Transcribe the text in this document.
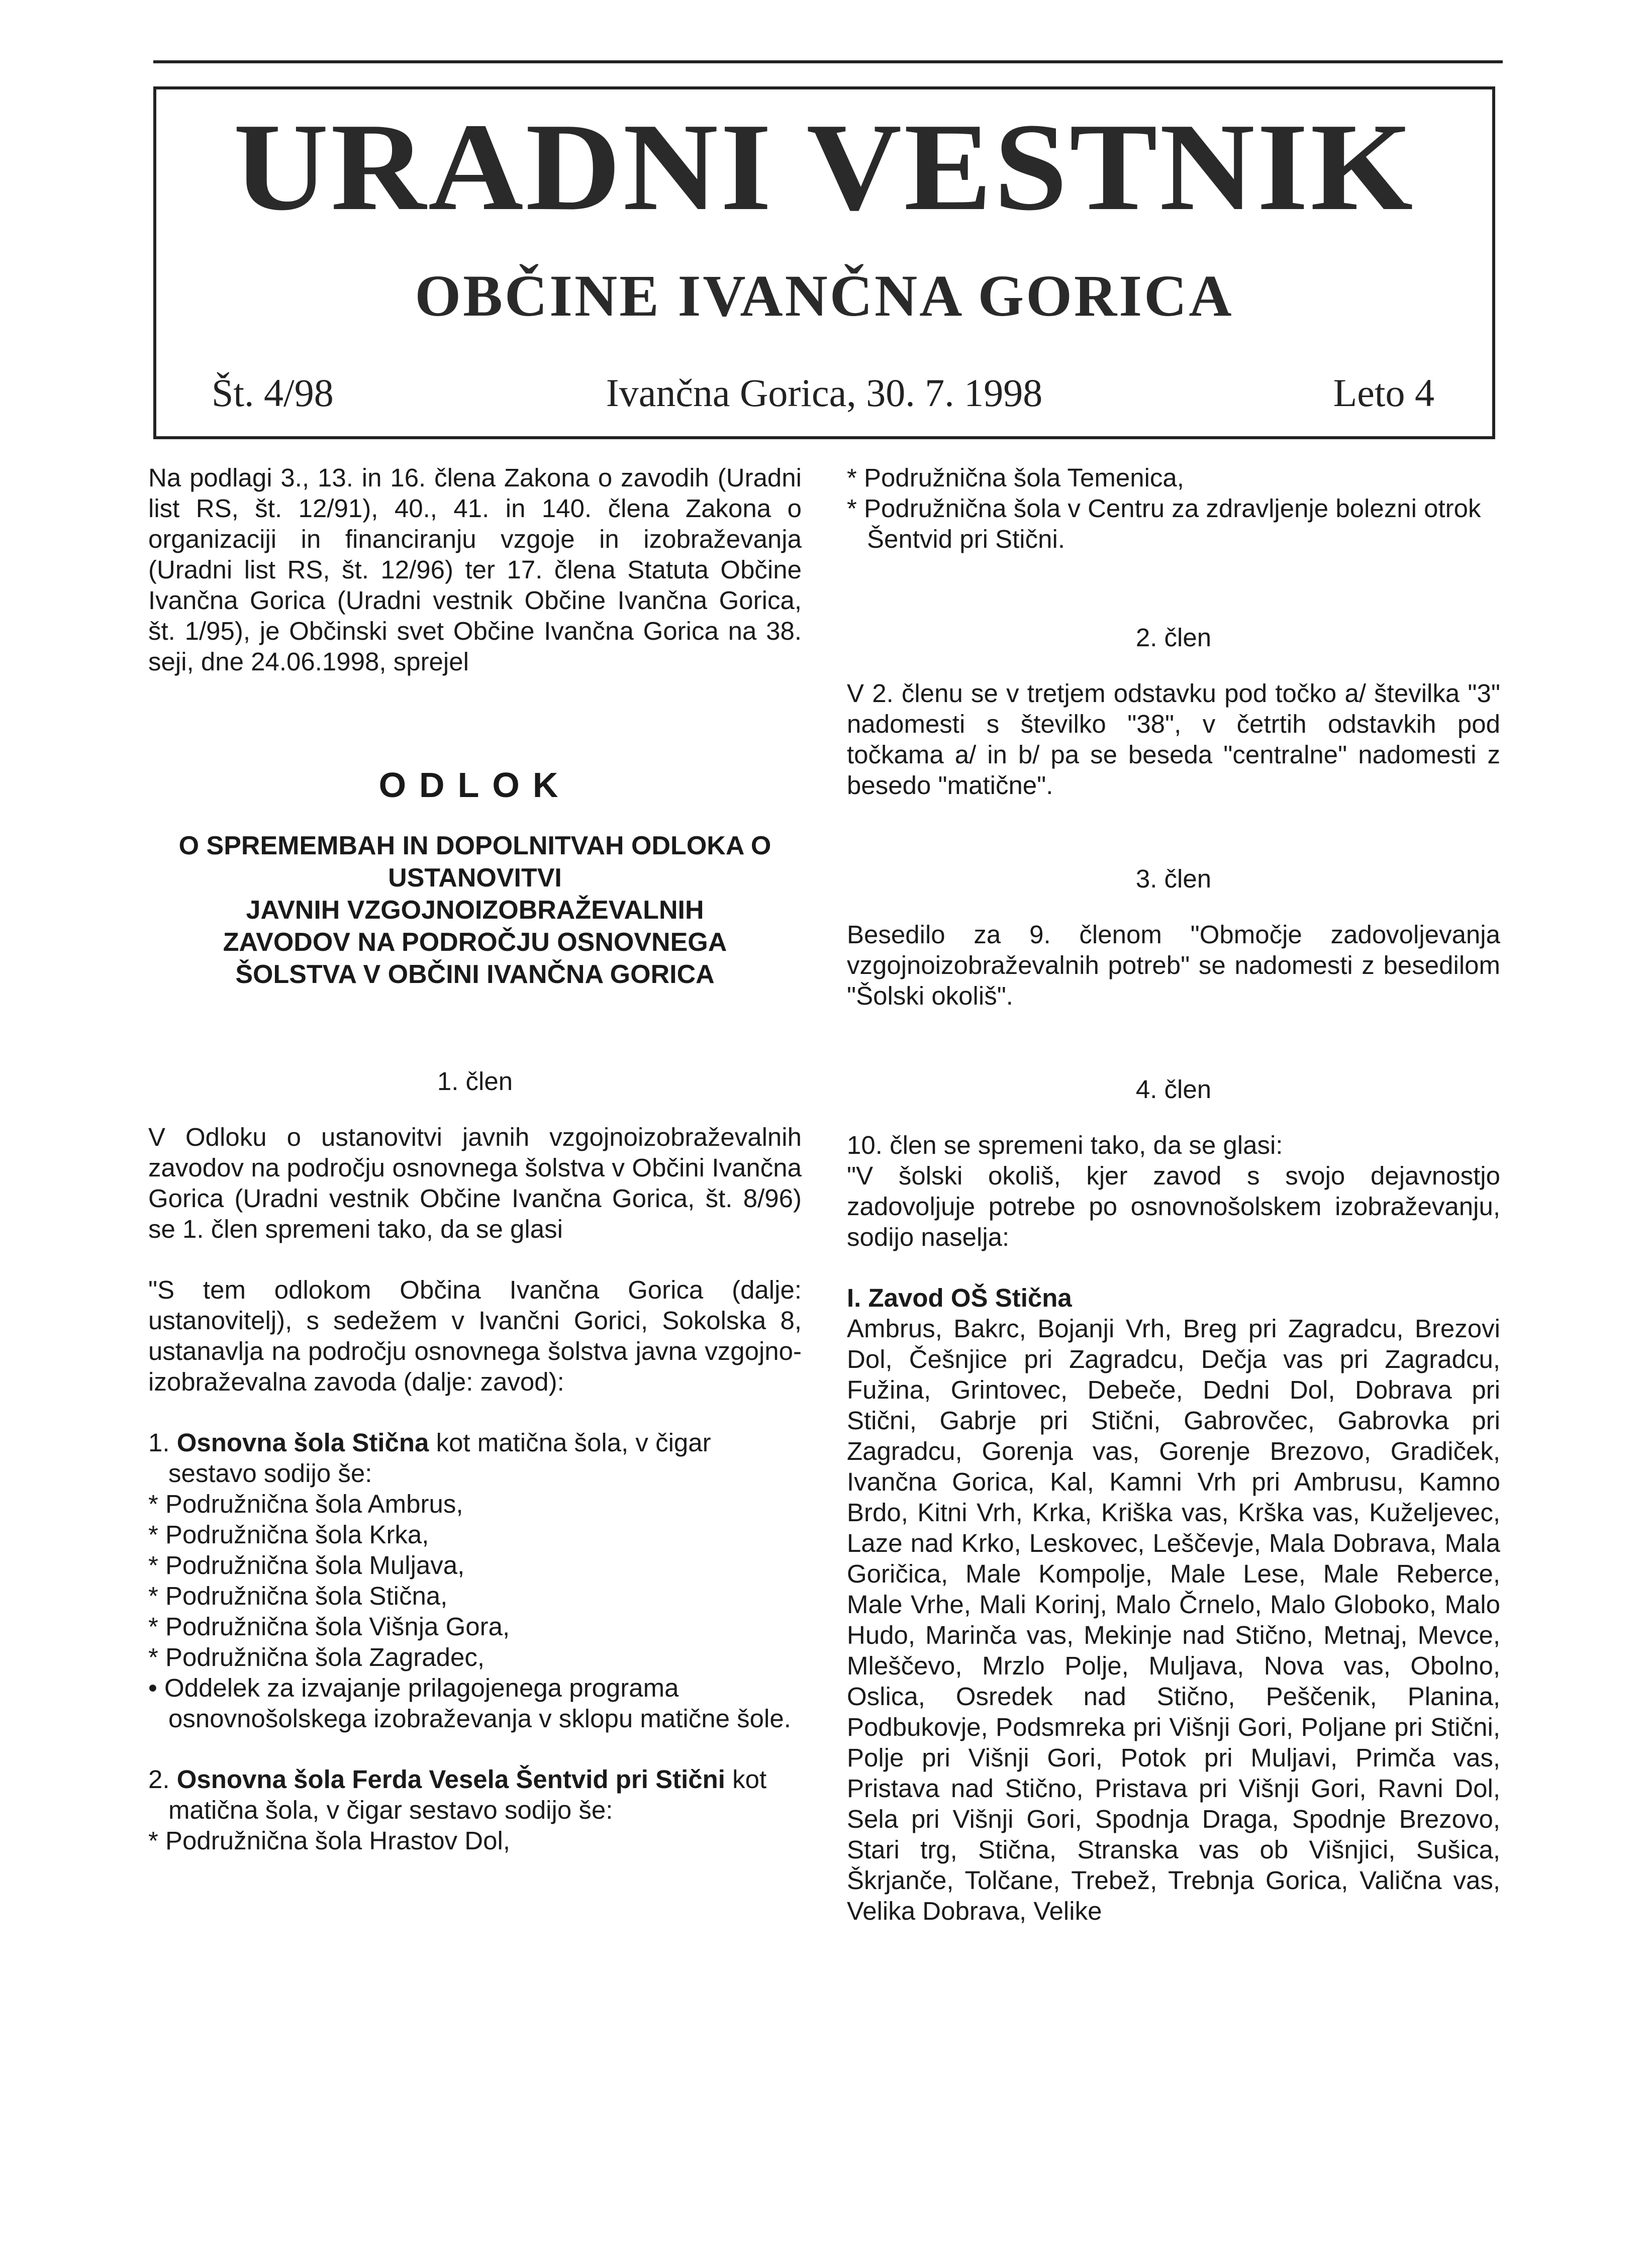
URADNI VESTNIK
OBČINE IVANČNA GORICA
Št. 4/98	Ivančna Gorica, 30. 7. 1998	Leto 4

Na podlagi 3., 13. in 16. člena Zakona o zavodih (Uradni list RS, št. 12/91), 40., 41. in 140. člena Zakona o organizaciji in financiranju vzgoje in izobraževanja (Uradni list RS, št. 12/96) ter 17. člena Statuta Občine Ivančna Gorica (Uradni vestnik Občine Ivančna Gorica, št. 1/95), je Občinski svet Občine Ivančna Gorica na 38. seji, dne 24.06.1998, sprejel

ODLOK

O SPREMEMBAH IN DOPOLNITVAH ODLOKA O

USTANOVITVI

JAVNIH VZGOJNOIZOBRAŽEVALNIH

ZAVODOV NA PODROČJU OSNOVNEGA

ŠOLSTVA V OBČINI IVANČNA GORICA

1. člen

V Odloku o ustanovitvi javnih vzgojnoizobraževalnih zavodov na področju osnovnega šolstva v Občini Ivančna Gorica (Uradni vestnik Občine Ivančna Gorica, št. 8/96) se 1. člen spremeni tako, da se glasi

"S tem odlokom Občina Ivančna Gorica (dalje: ustanovitelj), s sedežem v Ivančni Gorici, Sokolska 8, ustanavlja na področju osnovnega šolstva javna vzgojno-izobraževalna zavoda (dalje: zavod):

1. Osnovna šola Stična kot matična šola, v čigar sestavo sodijo še:

* Podružnična šola Ambrus,

* Podružnična šola Krka,

* Podružnična šola Muljava,

* Podružnična šola Stična,

* Podružnična šola Višnja Gora,

* Podružnična šola Zagradec,

• Oddelek za izvajanje prilagojenega programa osnovnošolskega izobraževanja v sklopu matične šole.

2. Osnovna šola Ferda Vesela Šentvid pri Stični kot matična šola, v čigar sestavo sodijo še:

* Podružnična šola Hrastov Dol,

* Podružnična šola Temenica,

* Podružnična šola v Centru za zdravljenje bolezni otrok Šentvid pri Stični.

2. člen

V 2. členu se v tretjem odstavku pod točko a/ številka "3" nadomesti s številko "38", v četrtih odstavkih pod točkama a/ in b/ pa se beseda "centralne" nadomesti z besedo "matične".

3. člen

Besedilo za 9. členom "Območje zadovoljevanja vzgojnoizobraževalnih potreb" se nadomesti z besedilom "Šolski okoliš".

4. člen

10. člen se spremeni tako, da se glasi:

"V šolski okoliš, kjer zavod s svojo dejavnostjo zadovoljuje potrebe po osnovnošolskem izobraževanju, sodijo naselja:

I. Zavod OŠ Stična

Ambrus, Bakrc, Bojanji Vrh, Breg pri Zagradcu, Brezovi Dol, Češnjice pri Zagradcu, Dečja vas pri Zagradcu, Fužina, Grintovec, Debeče, Dedni Dol, Dobrava pri Stični, Gabrje pri Stični, Gabrovčec, Gabrovka pri Zagradcu, Gorenja vas, Gorenje Brezovo, Gradiček, Ivančna Gorica, Kal, Kamni Vrh pri Ambrusu, Kamno Brdo, Kitni Vrh, Krka, Kriška vas, Krška vas, Kuželjevec, Laze nad Krko, Leskovec, Leščevje, Mala Dobrava, Mala Goričica, Male Kompolje, Male Lese, Male Reberce, Male Vrhe, Mali Korinj, Malo Črnelo, Malo Globoko, Malo Hudo, Marinča vas, Mekinje nad Stično, Metnaj, Mevce, Mleščevo, Mrzlo Polje, Muljava, Nova vas, Obolno, Oslica, Osredek nad Stično, Peščenik, Planina, Podbukovje, Podsmreka pri Višnji Gori, Poljane pri Stični, Polje pri Višnji Gori, Potok pri Muljavi, Primča vas, Pristava nad Stično, Pristava pri Višnji Gori, Ravni Dol, Sela pri Višnji Gori, Spodnja Draga, Spodnje Brezovo, Stari trg, Stična, Stranska vas ob Višnjici, Sušica, Škrjanče, Tolčane, Trebež, Trebnja Gorica, Valična vas, Velika Dobrava, Velike
